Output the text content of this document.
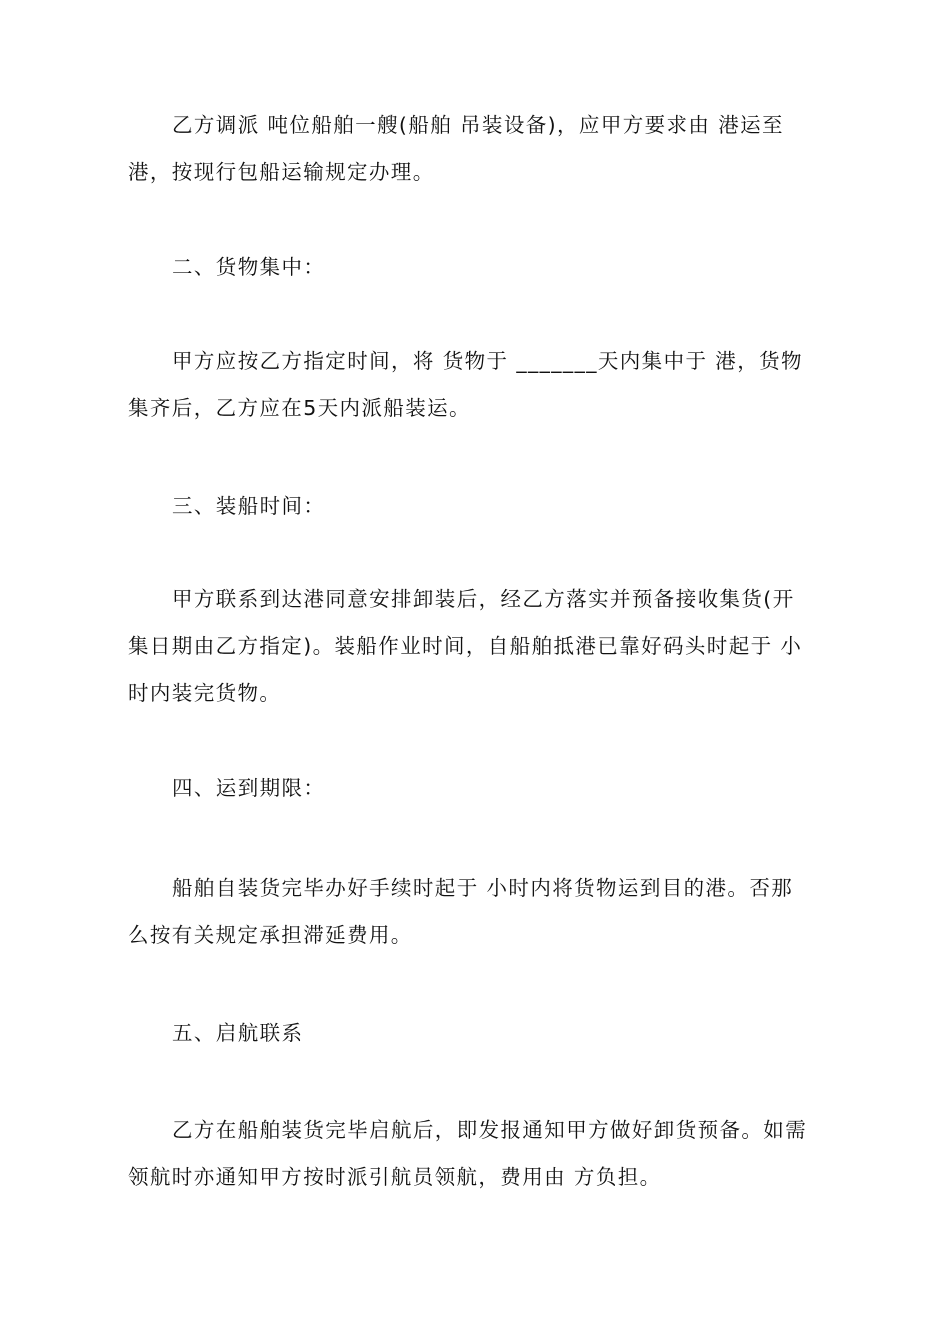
乙方调派 吨位船舶一艘(船舶 吊装设备)，应甲方要求由 港运至
港，按现行包船运输规定办理。
二、货物集中：
甲方应按乙方指定时间，将 货物于 _______天内集中于 港，货物
集齐后，乙方应在5天内派船装运。
三、装船时间：
甲方联系到达港同意安排卸装后，经乙方落实并预备接收集货(开
集日期由乙方指定)。装船作业时间，自船舶抵港已靠好码头时起于 小
时内装完货物。
四、运到期限：
船舶自装货完毕办好手续时起于 小时内将货物运到目的港。否那
么按有关规定承担滞延费用。
五、启航联系
乙方在船舶装货完毕启航后，即发报通知甲方做好卸货预备。如需
领航时亦通知甲方按时派引航员领航，费用由 方负担。
